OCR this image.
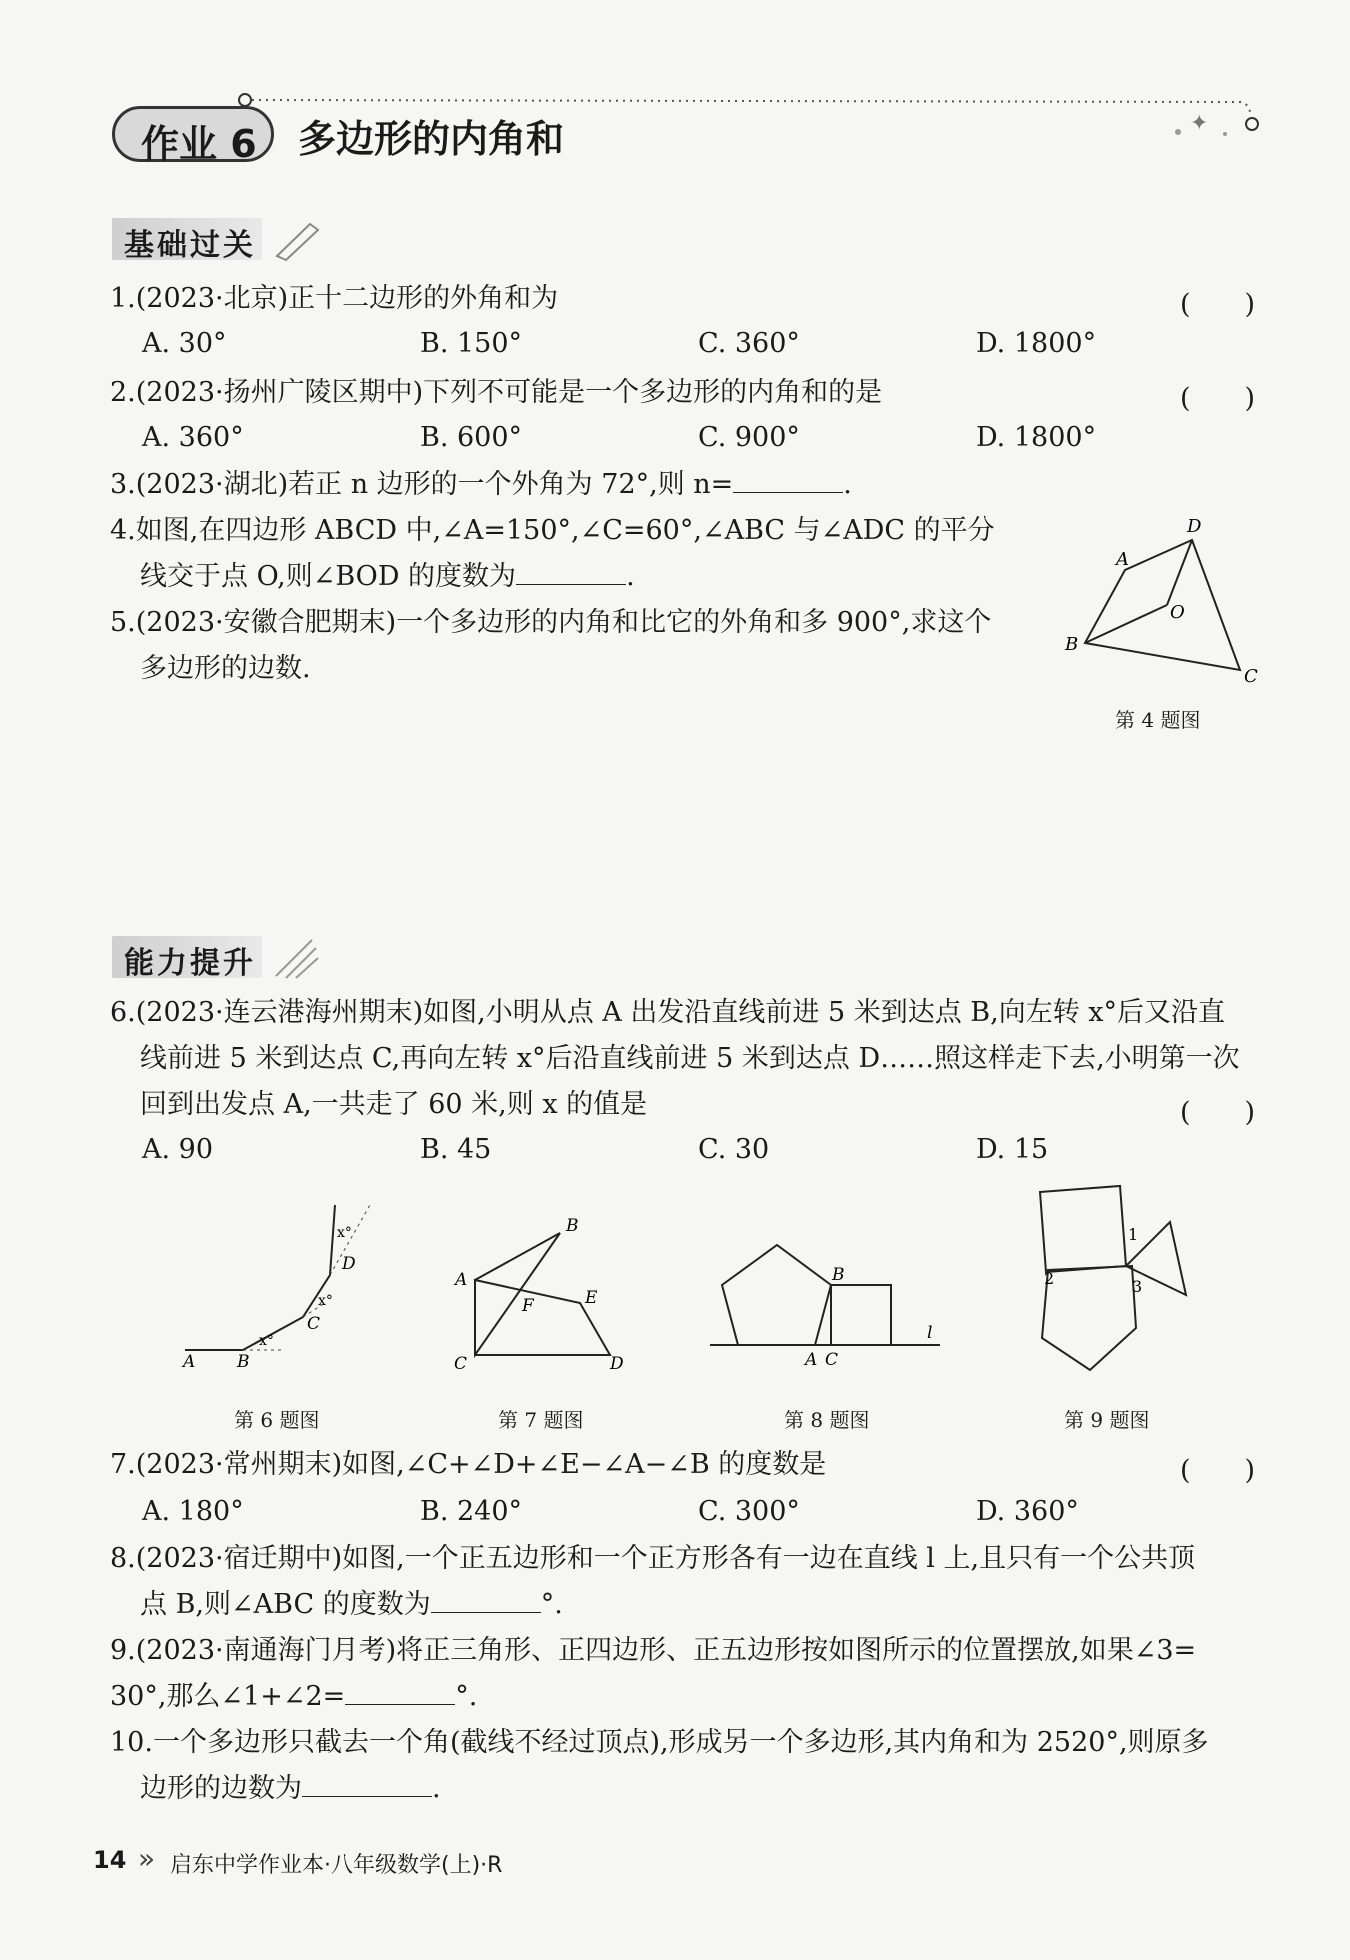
作业 6	✦
多边形的内角和
基础过关
1.(2023·北京)正十二边形的外角和为	(　　)
A. 30°	B. 150°	C. 360°	D. 1800°
2.(2023·扬州广陵区期中)下列不可能是一个多边形的内角和的是	(　　)
A. 360°	B. 600°	C. 900°	D. 1800°
3.(2023·湖北)若正 n 边形的一个外角为 72°,则 n=	.
4.如图,在四边形 ABCD 中,∠A=150°,∠C=60°,∠ABC 与∠ADC 的平分
线交于点 O,则∠BOD 的度数为	.
5.(2023·安徽合肥期末)一个多边形的内角和比它的外角和多 900°,求这个
多边形的边数.
A
B
C
D
O
第 4 题图
能力提升
6.(2023·连云港海州期末)如图,小明从点 A 出发沿直线前进 5 米到达点 B,向左转 x°后又沿直
线前进 5 米到达点 C,再向左转 x°后沿直线前进 5 米到达点 D……照这样走下去,小明第一次
回到出发点 A,一共走了 60 米,则 x 的值是	(　　)
A. 90	B. 45	C. 30	D. 15
A B
C
D
x°
x°
x°
第 6 题图
A
B
C	D
E
F
第 7 题图
B
A C
l
第 8 题图
1
2	3
第 9 题图
7.(2023·常州期末)如图,∠C+∠D+∠E−∠A−∠B 的度数是	(　　)
A. 180°	B. 240°	C. 300°	D. 360°
8.(2023·宿迁期中)如图,一个正五边形和一个正方形各有一边在直线 l 上,且只有一个公共顶
点 B,则∠ABC 的度数为	°.
9.(2023·南通海门月考)将正三角形、正四边形、正五边形按如图所示的位置摆放,如果∠3=
30°,那么∠1+∠2=	°.
10.一个多边形只截去一个角(截线不经过顶点),形成另一个多边形,其内角和为 2520°,则原多
边形的边数为	.
14 » 启东中学作业本·八年级数学(上)·R
